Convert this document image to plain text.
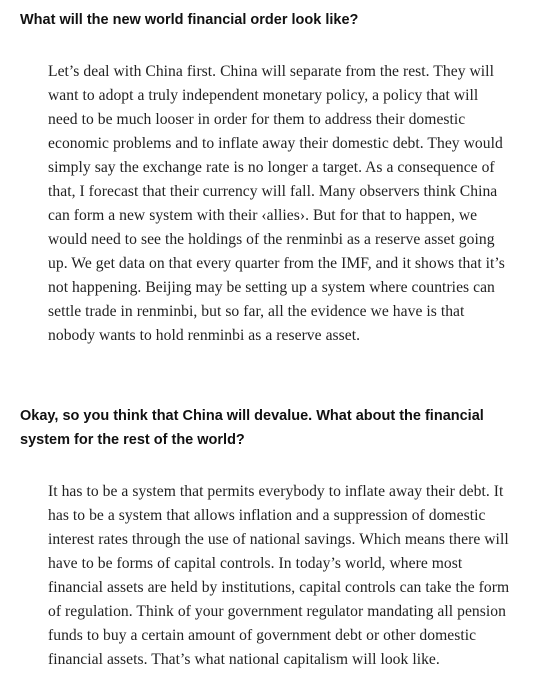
What will the new world financial order look like?

Let’s deal with China first. China will separate from the rest. They will want to adopt a truly independent monetary policy, a policy that will need to be much looser in order for them to address their domestic economic problems and to inflate away their domestic debt. They would simply say the exchange rate is no longer a target. As a consequence of that, I forecast that their currency will fall. Many observers think China can form a new system with their ‹allies›. But for that to happen, we would need to see the holdings of the renminbi as a reserve asset going up. We get data on that every quarter from the IMF, and it shows that it’s not happening. Beijing may be setting up a system where countries can settle trade in renminbi, but so far, all the evidence we have is that nobody wants to hold renminbi as a reserve asset.

Okay, so you think that China will devalue. What about the financial system for the rest of the world?

It has to be a system that permits everybody to inflate away their debt. It has to be a system that allows inflation and a suppression of domestic interest rates through the use of national savings. Which means there will have to be forms of capital controls. In today’s world, where most financial assets are held by institutions, capital controls can take the form of regulation. Think of your government regulator mandating all pension funds to buy a certain amount of government debt or other domestic financial assets. That’s what national capitalism will look like.
